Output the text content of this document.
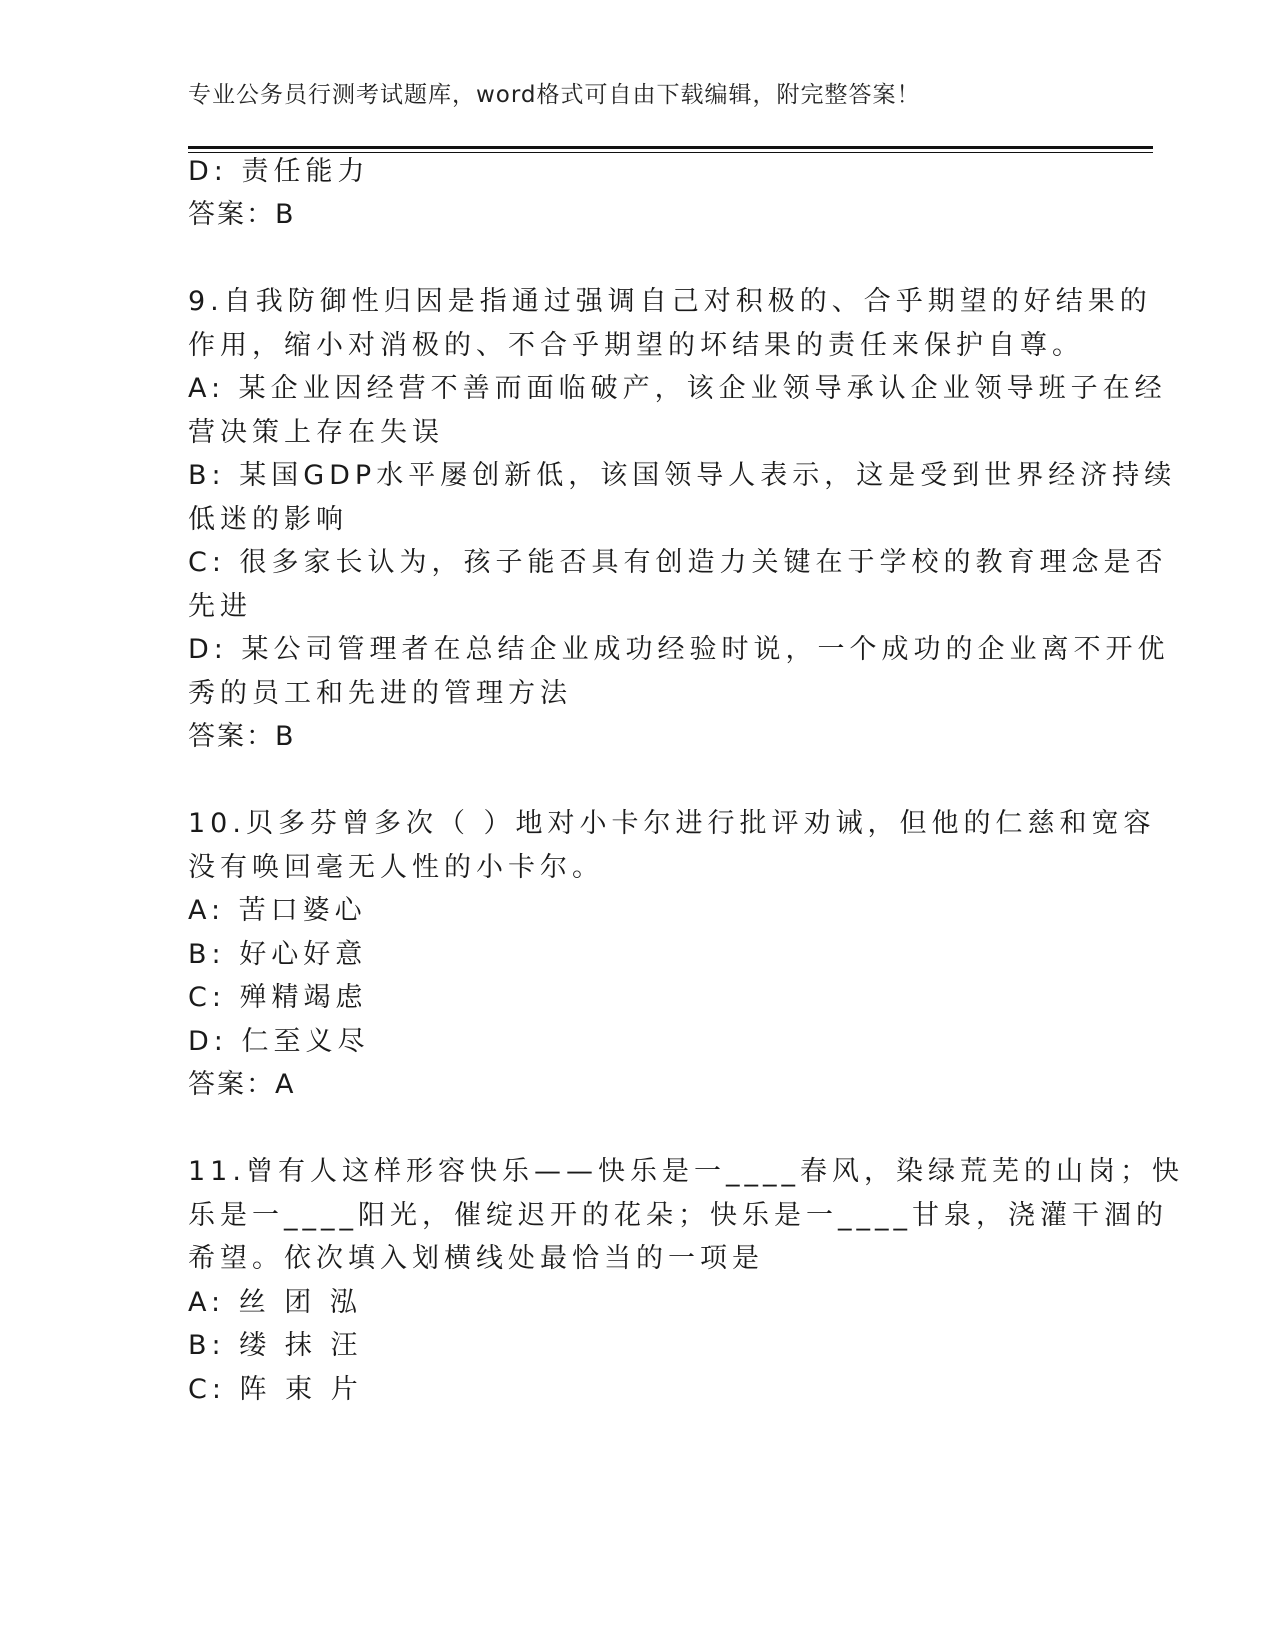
专业公务员行测考试题库，word格式可自由下载编辑，附完整答案！
D: 责任能力
答案：B
9.自我防御性归因是指通过强调自己对积极的、合乎期望的好结果的
作用，缩小对消极的、不合乎期望的坏结果的责任来保护自尊。
A: 某企业因经营不善而面临破产，该企业领导承认企业领导班子在经
营决策上存在失误
B: 某国GDP水平屡创新低，该国领导人表示，这是受到世界经济持续
低迷的影响
C: 很多家长认为，孩子能否具有创造力关键在于学校的教育理念是否
先进
D: 某公司管理者在总结企业成功经验时说，一个成功的企业离不开优
秀的员工和先进的管理方法
答案：B
10.贝多芬曾多次（ ）地对小卡尔进行批评劝诫，但他的仁慈和宽容
没有唤回毫无人性的小卡尔。
A: 苦口婆心
B: 好心好意
C: 殚精竭虑
D: 仁至义尽
答案：A
11.曾有人这样形容快乐——快乐是一____春风，染绿荒芜的山岗；快
乐是一____阳光，催绽迟开的花朵；快乐是一____甘泉，浇灌干涸的
希望。依次填入划横线处最恰当的一项是
A: 丝 团 泓
B: 缕 抹 汪
C: 阵 束 片
